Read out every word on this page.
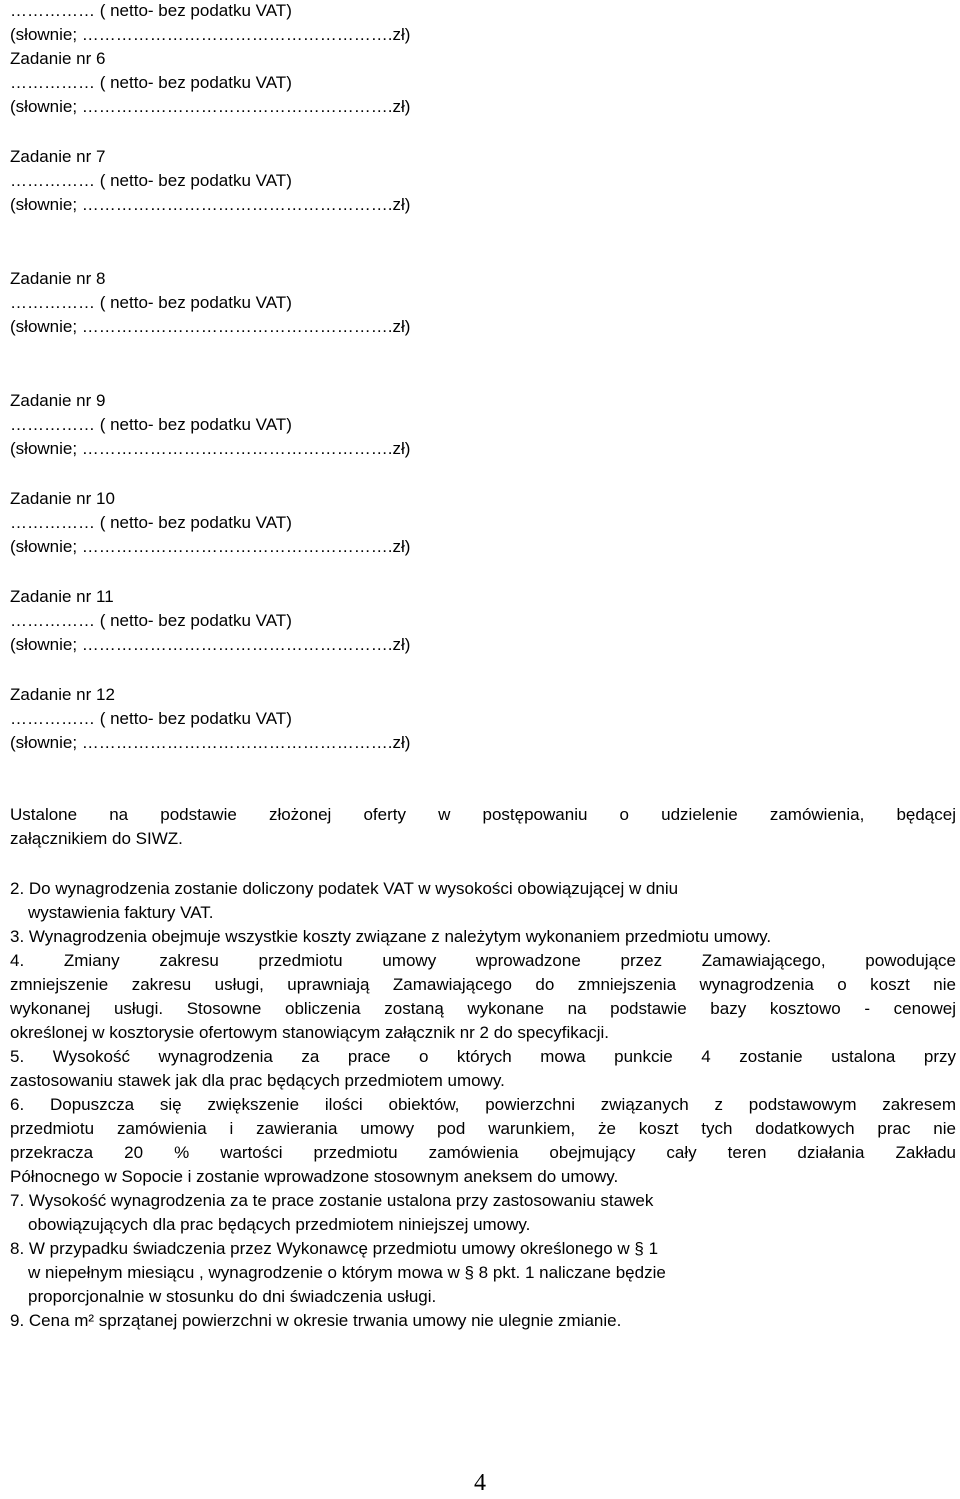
…………… ( netto- bez podatku VAT)
(słownie; ……………………………………………….zł)
Zadanie nr 6
…………… ( netto- bez podatku VAT)
(słownie; ……………………………………………….zł)
Zadanie nr 7
…………… ( netto- bez podatku VAT)
(słownie; ……………………………………………….zł)
Zadanie nr 8
…………… ( netto- bez podatku VAT)
(słownie; ……………………………………………….zł)
Zadanie nr 9
…………… ( netto- bez podatku VAT)
(słownie; ……………………………………………….zł)
Zadanie nr 10
…………… ( netto- bez podatku VAT)
(słownie; ……………………………………………….zł)
Zadanie nr 11
…………… ( netto- bez podatku VAT)
(słownie; ……………………………………………….zł)
Zadanie nr 12
…………… ( netto- bez podatku VAT)
(słownie; ……………………………………………….zł)
Ustalone na podstawie złożonej oferty w postępowaniu o udzielenie zamówienia, będącej
załącznikiem do SIWZ.
2. Do wynagrodzenia zostanie doliczony podatek VAT w wysokości obowiązującej w dniu
wystawienia faktury VAT.
3. Wynagrodzenia obejmuje wszystkie koszty związane z należytym wykonaniem przedmiotu umowy.
4. Zmiany zakresu przedmiotu umowy wprowadzone przez Zamawiającego, powodujące
zmniejszenie zakresu usługi, uprawniają Zamawiającego do zmniejszenia wynagrodzenia o koszt nie
wykonanej usługi. Stosowne obliczenia zostaną wykonane na podstawie bazy kosztowo - cenowej
określonej w kosztorysie ofertowym stanowiącym załącznik nr 2 do specyfikacji.
5. Wysokość wynagrodzenia za prace o których mowa punkcie 4 zostanie ustalona przy
zastosowaniu stawek jak dla prac będących przedmiotem umowy.
6. Dopuszcza się zwiększenie ilości obiektów, powierzchni związanych z podstawowym zakresem
przedmiotu zamówienia i zawierania umowy pod warunkiem, że koszt tych dodatkowych prac nie
przekracza 20 % wartości przedmiotu zamówienia obejmujący cały teren działania Zakładu
Północnego w Sopocie i zostanie wprowadzone stosownym aneksem do umowy.
7. Wysokość wynagrodzenia za te prace zostanie ustalona przy zastosowaniu stawek
obowiązujących dla prac będących przedmiotem niniejszej umowy.
8. W przypadku świadczenia przez Wykonawcę przedmiotu umowy określonego w § 1
w niepełnym miesiącu , wynagrodzenie o którym mowa w § 8 pkt. 1 naliczane będzie
proporcjonalnie w stosunku do dni świadczenia usługi.
9. Cena m² sprzątanej powierzchni w okresie trwania umowy nie ulegnie zmianie.
4
